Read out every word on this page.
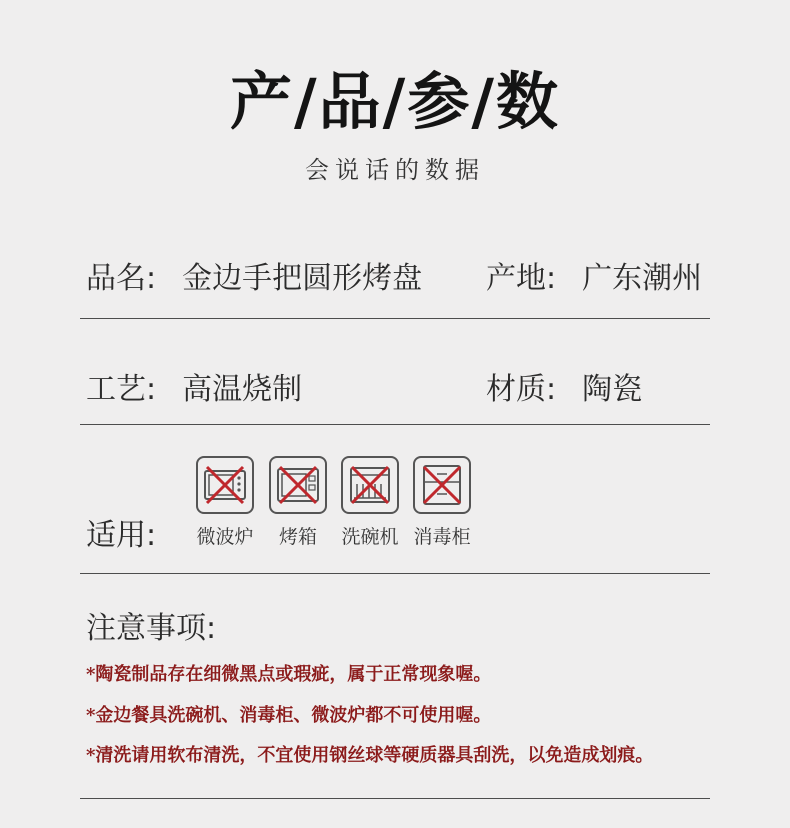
产/品/参/数
会说话的数据
品名: 金边手把圆形烤盘 产地: 广东潮州
工艺: 高温烧制	材质: 陶瓷
适用:	微波炉	烤箱	洗碗机 消毒柜
注意事项:
*陶瓷制品存在细微黑点或瑕疵，属于正常现象喔。
*金边餐具洗碗机、消毒柜、微波炉都不可使用喔。
*清洗请用软布清洗，不宜使用钢丝球等硬质器具刮洗，以免造成划痕。
